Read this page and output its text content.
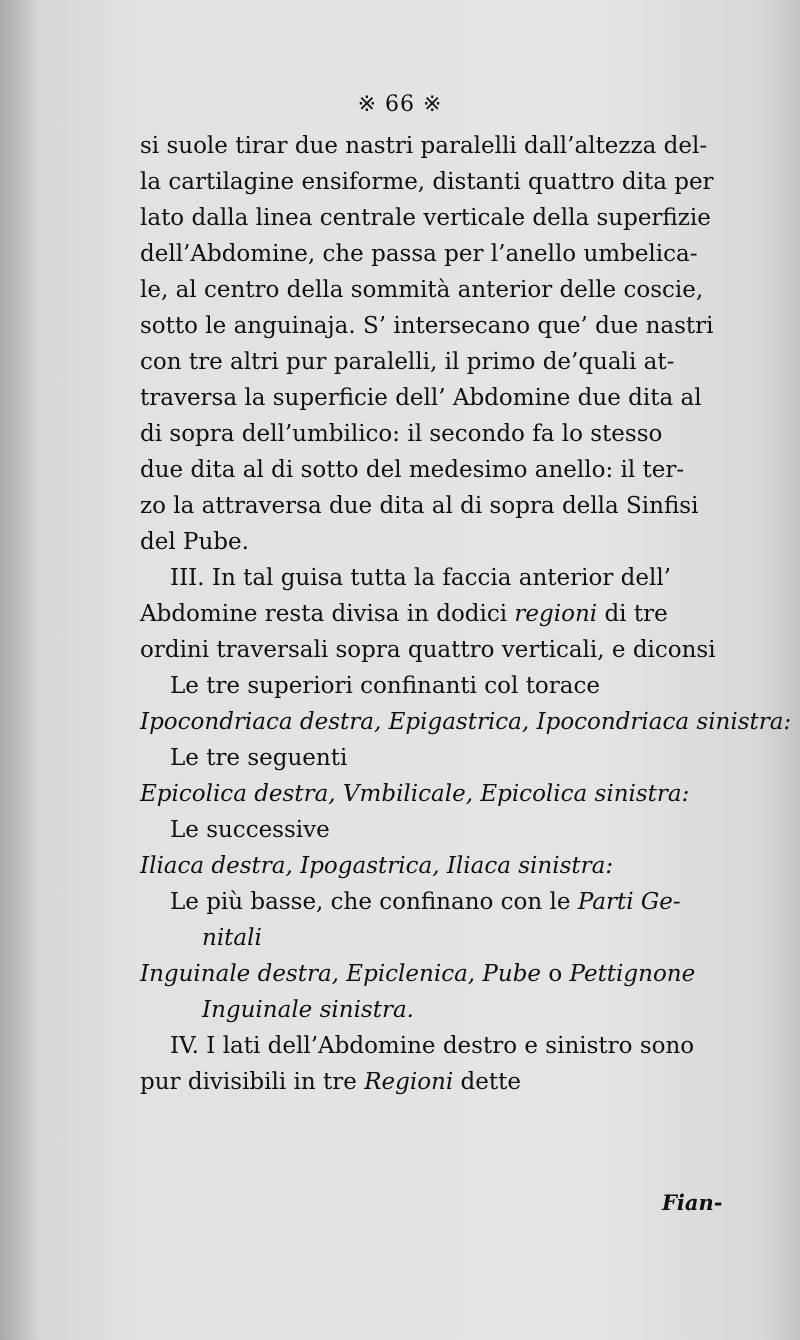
※ 66 ※
si suole tirar due nastri paralelli dall’altezza del-
la cartilagine ensiforme, distanti quattro dita per
lato dalla linea centrale verticale della superfizie
dell’Abdomine, che passa per l’anello umbelica-
le, al centro della sommità anterior delle coscie,
sotto le anguinaja. S’ intersecano que’ due nastri
con tre altri pur paralelli, il primo de’quali at-
traversa la superficie dell’ Abdomine due dita al
di sopra dell’umbilico: il secondo fa lo stesso
due dita al di sotto del medesimo anello: il ter-
zo la attraversa due dita al di sopra della Sinfisi
del Pube.
III. In tal guisa tutta la faccia anterior dell’
Abdomine resta divisa in dodici regioni di tre
ordini traversali sopra quattro verticali, e diconsi
Le tre superiori confinanti col torace
Ipocondriaca destra, Epigastrica, Ipocondriaca sinistra:
Le tre seguenti
Epicolica destra, Vmbilicale, Epicolica sinistra:
Le successive
Iliaca destra, Ipogastrica, Iliaca sinistra:
Le più basse, che confinano con le Parti Ge-
nitali
Inguinale destra, Epiclenica, Pube o Pettignone
Inguinale sinistra.
IV. I lati dell’Abdomine destro e sinistro sono
pur divisibili in tre Regioni dette
Fian-
